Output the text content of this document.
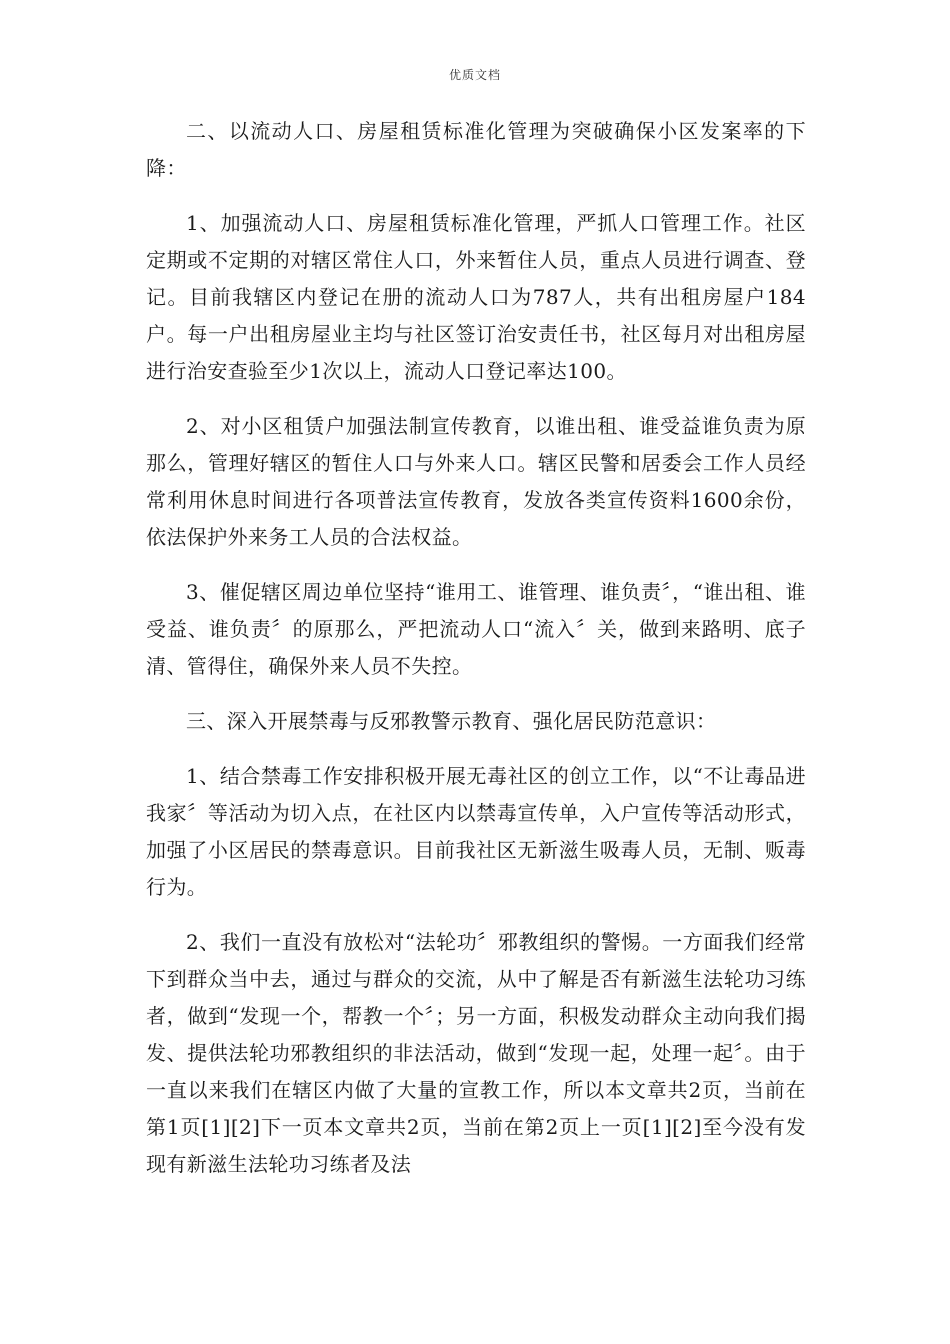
优质文档

二、以流动人口、房屋租赁标准化管理为突破确保小区发案率的下降：

1、加强流动人口、房屋租赁标准化管理，严抓人口管理工作。社区定期或不定期的对辖区常住人口，外来暂住人员，重点人员进行调查、登记。目前我辖区内登记在册的流动人口为787人，共有出租房屋户184户。每一户出租房屋业主均与社区签订治安责任书，社区每月对出租房屋进行治安查验至少1次以上，流动人口登记率达100。

2、对小区租赁户加强法制宣传教育，以谁出租、谁受益谁负责为原那么，管理好辖区的暂住人口与外来人口。辖区民警和居委会工作人员经常利用休息时间进行各项普法宣传教育，发放各类宣传资料1600余份，依法保护外来务工人员的合法权益。

3、催促辖区周边单位坚持“谁用工、谁管理、谁负责〞，“谁出租、谁受益、谁负责〞的原那么，严把流动人口“流入〞关，做到来路明、底子清、管得住，确保外来人员不失控。

三、深入开展禁毒与反邪教警示教育、强化居民防范意识：

1、结合禁毒工作安排积极开展无毒社区的创立工作，以“不让毒品进我家〞等活动为切入点，在社区内以禁毒宣传单，入户宣传等活动形式，加强了小区居民的禁毒意识。目前我社区无新滋生吸毒人员，无制、贩毒行为。

2、我们一直没有放松对“法轮功〞邪教组织的警惕。一方面我们经常下到群众当中去，通过与群众的交流，从中了解是否有新滋生法轮功习练者，做到“发现一个，帮教一个〞；另一方面，积极发动群众主动向我们揭发、提供法轮功邪教组织的非法活动，做到“发现一起，处理一起〞。由于一直以来我们在辖区内做了大量的宣教工作，所以本文章共2页，当前在第1页[1][2]下一页本文章共2页，当前在第2页上一页[1][2]至今没有发现有新滋生法轮功习练者及法
